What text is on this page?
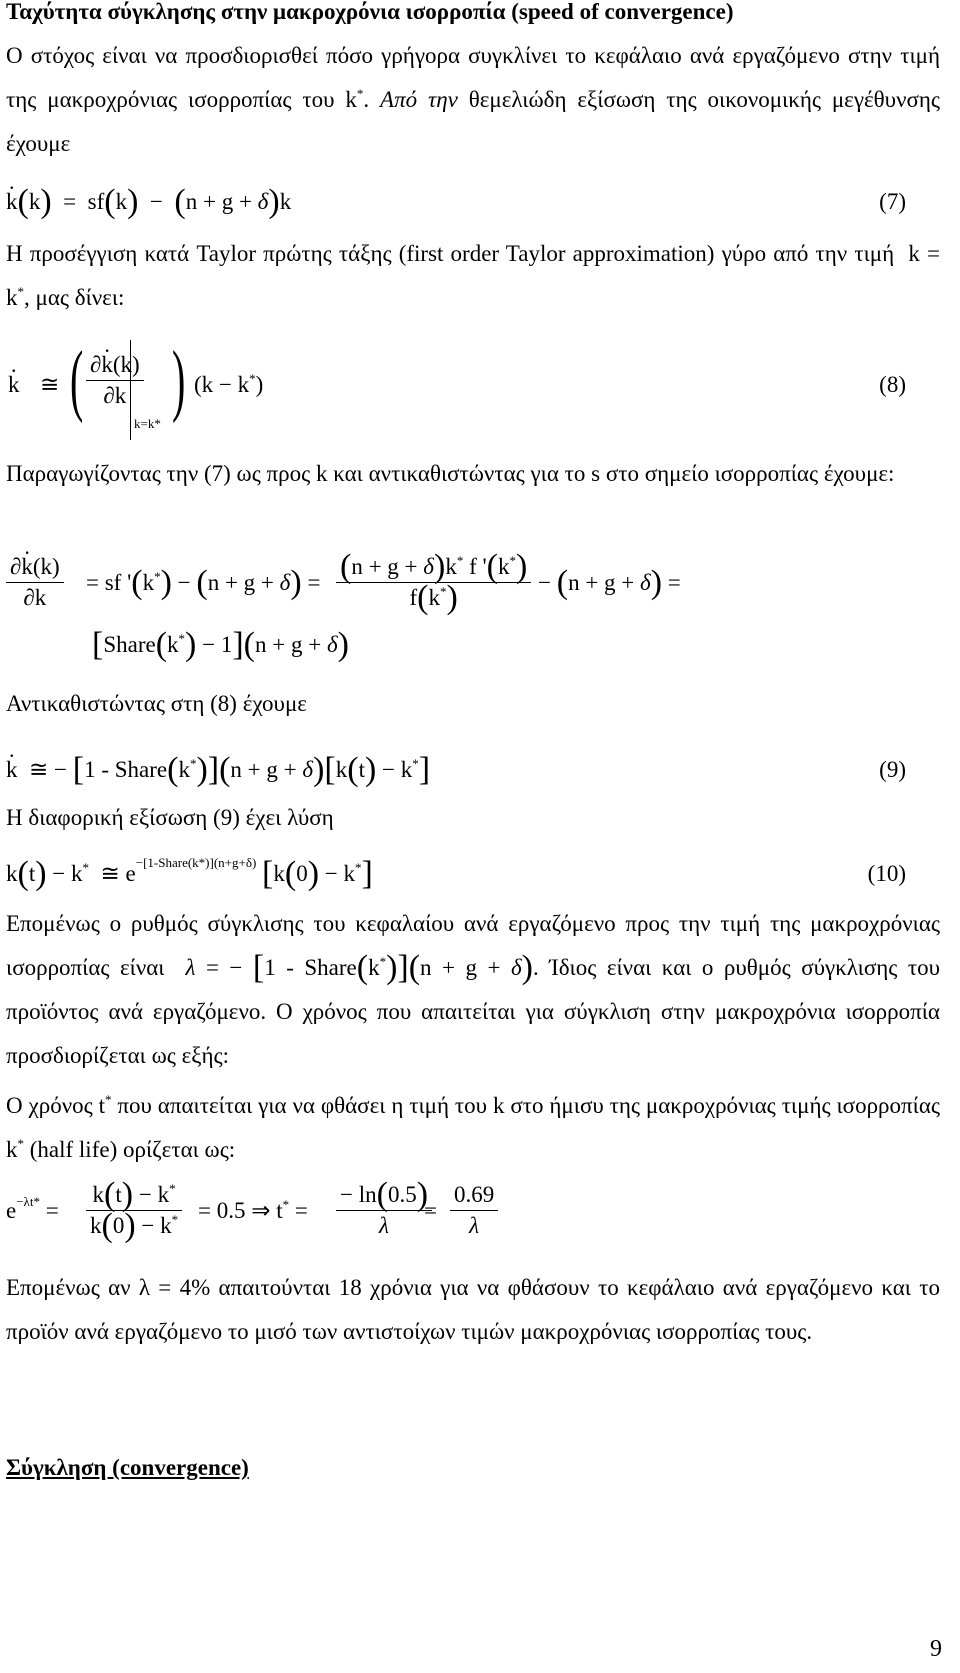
Ταχύτητα σύγκλησης στην μακροχρόνια ισορροπία (speed of convergence)
Ο στόχος είναι να προσδιορισθεί πόσο γρήγορα συγκλίνει το κεφάλαιο ανά εργαζόμενο στην τιμή της μακροχρόνιας ισορροπίας του k*. Από την θεμελιώδη εξίσωση της οικονομικής μεγέθυνσης έχουμε
. k(k)  =  sf(k)  −  (n + g + δ)k	(7)
Η προσέγγιση κατά Taylor πρώτης τάξης (first order Taylor approximation) γύρο από την τιμή  k = k*, μας δίνει:
. k ≅ ( $\frac{\partial. k(k)}{\partial k}$
k=k* ) (k − k*)	(8)
Παραγωγίζοντας την (7) ως προς k και αντικαθιστώντας για το s στο σημείο ισορροπίας έχουμε:
$\frac{\partial. k(k)}{\partial k}$ = sf '$(k^*) - (n + g + \delta) = \frac{(n + g + \delta)k^* f '(k^*)}{f(k^*)} - (n + g + \delta)$ =
[Share(k*) − 1](n + g + δ)
Αντικαθιστώντας στη (8) έχουμε
. k  ≅ − [1 - Share(k*)](n + g + δ)[k(t) − k*]	(9)
Η διαφορική εξίσωση (9) έχει λύση
k(t) − k*  ≅ $e^{-[1-Share(k*)](n+g+\delta)}$ [k(0) − k*]	(10)
Επομένως ο ρυθμός σύγκλισης του κεφαλαίου ανά εργαζόμενο προς την τιμή της μακροχρόνιας ισορροπίας είναι λ = − [1 - Share(k*)](n + g + δ). Ίδιος είναι και ο ρυθμός σύγκλισης του προϊόντος ανά εργαζόμενο. Ο χρόνος που απαιτείται για σύγκλιση στην μακροχρόνια ισορροπία προσδιορίζεται ως εξής:
Ο χρόνος t* που απαιτείται για να φθάσει η τιμή του k στο ήμισυ της μακροχρόνιας τιμής ισορροπίας k* (half life) ορίζεται ως:
$e^{-\lambda t*} = \frac{k(t) - k^*}{k(0) - k^*} = 0.5$ ⇒ $t^* = \frac{- \ln(0.5)}{\lambda}$
= $\frac{0.69}{\lambda}$
Επομένως αν λ = 4% απαιτούνται 18 χρόνια για να φθάσουν το κεφάλαιο ανά εργαζόμενο και το προϊόν ανά εργαζόμενο το μισό των αντιστοίχων τιμών μακροχρόνιας ισορροπίας τους.
Σύγκληση (convergence)
9
